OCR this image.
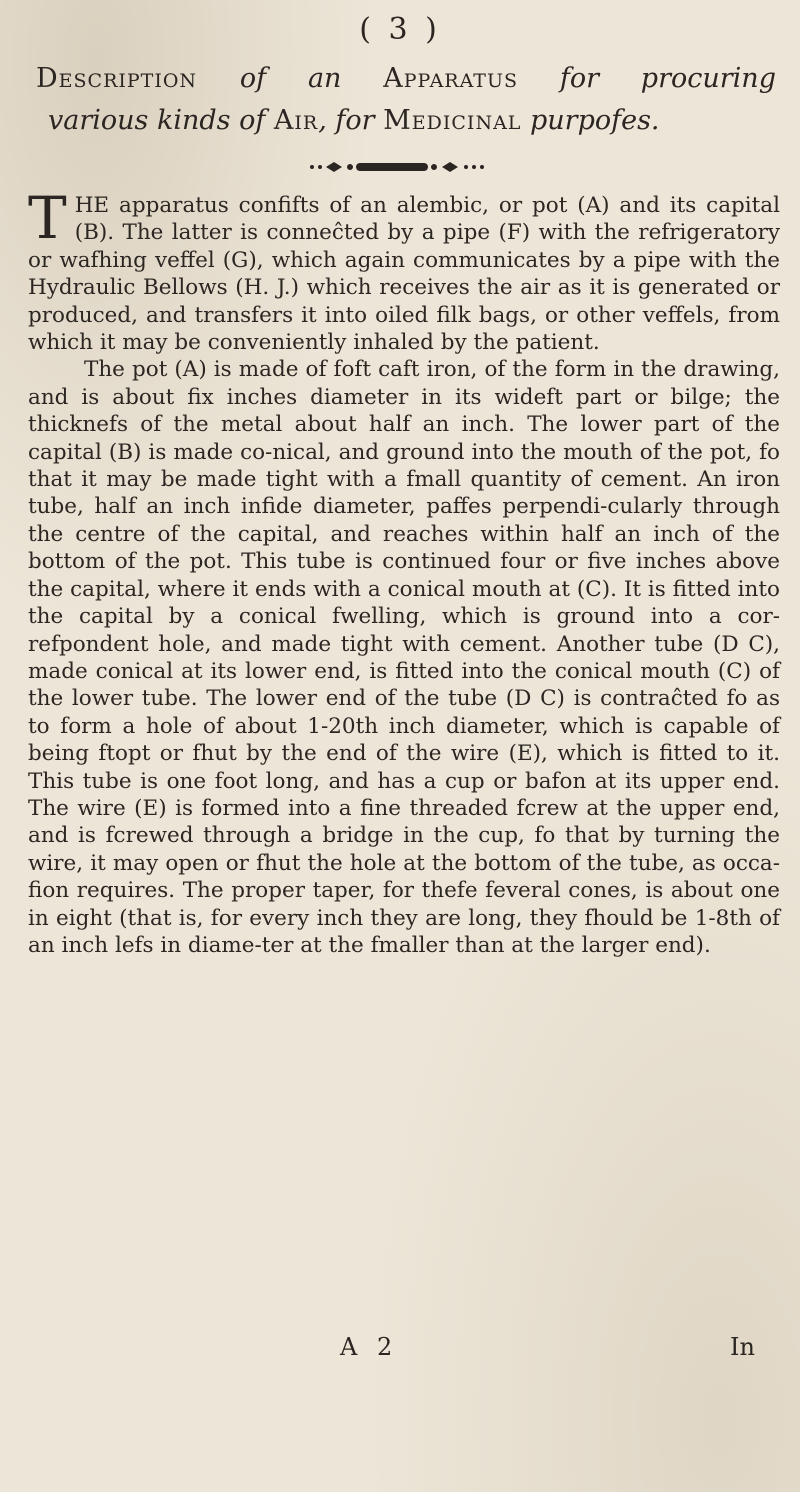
( 3 )
Description of an Apparatus for procuring
various kinds of Air, for Medicinal purpofes.

THE apparatus confifts of an alembic, or pot (A) and its capital (B). The latter is conneĉted by a pipe (F) with the refrigeratory or wafhing veffel (G), which again communicates by a pipe with the Hydraulic Bellows (H. J.) which receives the air as it is generated or produced, and transfers it into oiled filk bags, or other veffels, from which it may be conveniently inhaled by the patient.

The pot (A) is made of foft caft iron, of the form in the drawing, and is about fix inches diameter in its wideft part or bilge; the thicknefs of the metal about half an inch. The lower part of the capital (B) is made co-nical, and ground into the mouth of the pot, fo that it may be made tight with a fmall quantity of cement. An iron tube, half an inch infide diameter, paffes perpendi-cularly through the centre of the capital, and reaches within half an inch of the bottom of the pot. This tube is continued four or five inches above the capital, where it ends with a conical mouth at (C). It is fitted into the capital by a conical fwelling, which is ground into a cor-refpondent hole, and made tight with cement. Another tube (D C), made conical at its lower end, is fitted into the conical mouth (C) of the lower tube. The lower end of the tube (D C) is contraĉted fo as to form a hole of about 1-20th inch diameter, which is capable of being ftopt or fhut by the end of the wire (E), which is fitted to it. This tube is one foot long, and has a cup or bafon at its upper end. The wire (E) is formed into a fine threaded fcrew at the upper end, and is fcrewed through a bridge in the cup, fo that by turning the wire, it may open or fhut the hole at the bottom of the tube, as occa-fion requires. The proper taper, for thefe feveral cones, is about one in eight (that is, for every inch they are long, they fhould be 1-8th of an inch lefs in diame-ter at the fmaller than at the larger end).

A 2	In
